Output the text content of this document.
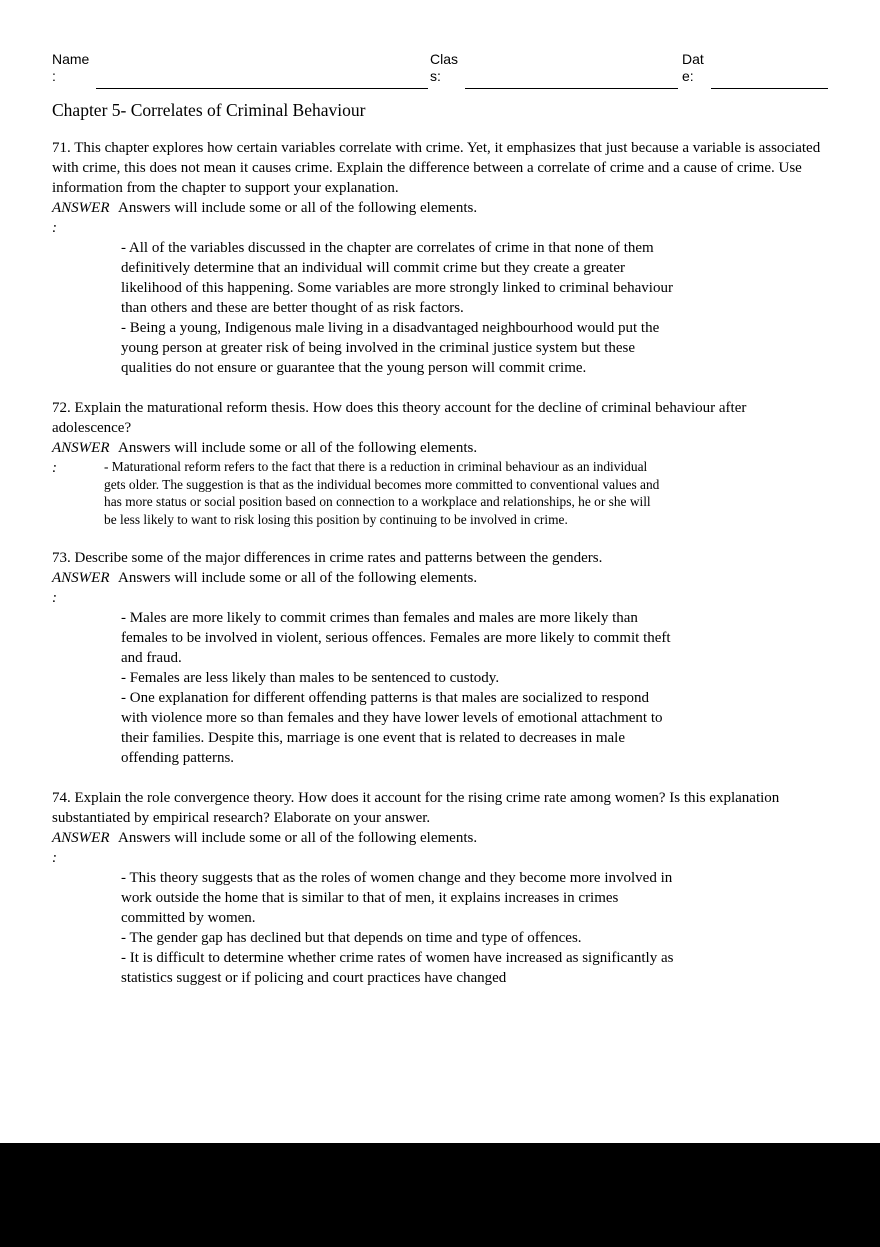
Name
:
Clas
s:
Dat
e:
Chapter 5- Correlates of Criminal Behaviour

71. This chapter explores how certain variables correlate with crime. Yet, it emphasizes that just because a variable is associated with crime, this does not mean it causes crime. Explain the difference between a correlate of crime and a cause of crime. Use information from the chapter to support your explanation.

ANSWER
:

Answers will include some or all of the following elements.

- All of the variables discussed in the chapter are correlates of crime in that none of them definitively determine that an individual will commit crime but they create a greater likelihood of this happening. Some variables are more strongly linked to criminal behaviour than others and these are better thought of as risk factors.

- Being a young, Indigenous male living in a disadvantaged neighbourhood would put the young person at greater risk of being involved in the criminal justice system but these qualities do not ensure or guarantee that the young person will commit crime.

72. Explain the maturational reform thesis. How does this theory account for the decline of criminal behaviour after adolescence?

ANSWER
:

Answers will include some or all of the following elements.

- Maturational reform refers to the fact that there is a reduction in criminal behaviour as an individual gets older. The suggestion is that as the individual becomes more committed to conventional values and has more status or social position based on connection to a workplace and relationships, he or she will be less likely to want to risk losing this position by continuing to be involved in crime.

73. Describe some of the major differences in crime rates and patterns between the genders.

ANSWER
:

Answers will include some or all of the following elements.

- Males are more likely to commit crimes than females and males are more likely than females to be involved in violent, serious offences. Females are more likely to commit theft and fraud.

- Females are less likely than males to be sentenced to custody.

- One explanation for different offending patterns is that males are socialized to respond with violence more so than females and they have lower levels of emotional attachment to their families. Despite this, marriage is one event that is related to decreases in male offending patterns.

74. Explain the role convergence theory. How does it account for the rising crime rate among women? Is this explanation substantiated by empirical research? Elaborate on your answer.

ANSWER
:

Answers will include some or all of the following elements.

- This theory suggests that as the roles of women change and they become more involved in work outside the home that is similar to that of men, it explains increases in crimes committed by women.

- The gender gap has declined but that depends on time and type of offences.

- It is difficult to determine whether crime rates of women have increased as significantly as statistics suggest or if policing and court practices have changed
